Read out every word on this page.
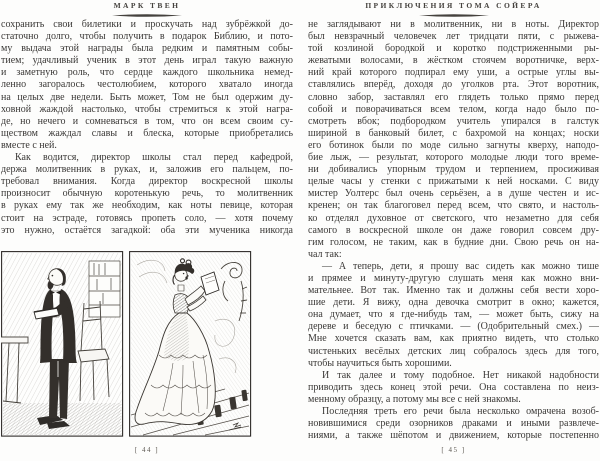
МАРК ТВЕН
сохранить свои билетики и проскучать над зубрёжкой до-
статочно долго, чтобы получить в подарок Библию, и пото-
му выдача этой награды была редким и памятным собы-
тием; удачливый ученик в этот день играл такую важную
и заметную роль, что сердце каждого школьника немед-
ленно загоралось честолюбием, которого хватало иногда
на целых две недели. Быть может, Том не был одержим ду-
ховной жаждой настолько, чтобы стремиться к этой награ-
де, но нечего и сомневаться в том, что он всем своим су-
ществом жаждал славы и блеска, которые приобретались
вместе с ней.
Как водится, директор школы стал перед кафедрой,
держа молитвенник в руках, и, заложив его пальцем, по-
требовал внимания. Когда директор воскресной школы
произносит обычную коротенькую речь, то молитвенник
в руках ему так же необходим, как ноты певице, которая
стоит на эстраде, готовясь пропеть соло, — хотя почему
это нужно, остаётся загадкой: оба эти мученика никогда
[ 44 ]
ПРИКЛЮЧЕНИЯ ТОМА СОЙЕРА
не заглядывают ни в молитвенник, ни в ноты. Директор
был невзрачный человечек лет тридцати пяти, с рыжева-
той козлиной бородкой и коротко подстриженными ры-
жеватыми волосами, в жёстком стоячем воротничке, верх-
ний край которого подпирал ему уши, а острые углы вы-
ставлялись вперёд, доходя до уголков рта. Этот воротник,
словно забор, заставлял его глядеть только прямо перед
собой и поворачиваться всем телом, когда надо было по-
смотреть вбок; подбородком учитель упирался в галстук
шириной в банковый билет, с бахромой на концах; носки
его ботинок были по моде сильно загнуты кверху, наподо-
бие лыж, — результат, которого молодые люди того време-
ни добивались упорным трудом и терпением, просиживая
целые часы у стенки с прижатыми к ней носками. С виду
мистер Уолтерс был очень серьёзен, а в душе честен и ис-
кренен; он так благоговел перед всем, что свято, и настоль-
ко отделял духовное от светского, что незаметно для себя
самого в воскресной школе он даже говорил совсем дру-
гим голосом, не таким, как в будние дни. Свою речь он на-
чал так:
— А теперь, дети, я прошу вас сидеть как можно тише
и прямее и минуту-другую слушать меня как можно вни-
мательнее. Вот так. Именно так и должны себя вести хоро-
шие дети. Я вижу, одна девочка смотрит в окно; кажется,
она думает, что я где-нибудь там, — может быть, сижу на
дереве и беседую с птичками. — (Одобрительный смех.) —
Мне хочется сказать вам, как приятно видеть, что столько
чистеньких весёлых детских лиц собралось здесь для того,
чтобы научиться быть хорошими.
И так далее и тому подобное. Нет никакой надобности
приводить здесь конец этой речи. Она составлена по неиз-
менному образцу, а потому мы все с ней знакомы.
Последняя треть его речи была несколько омрачена возоб-
новившимися среди озорников драками и иными развлече-
ниями, а также шёпотом и движением, которые постепенно
[ 45 ]
